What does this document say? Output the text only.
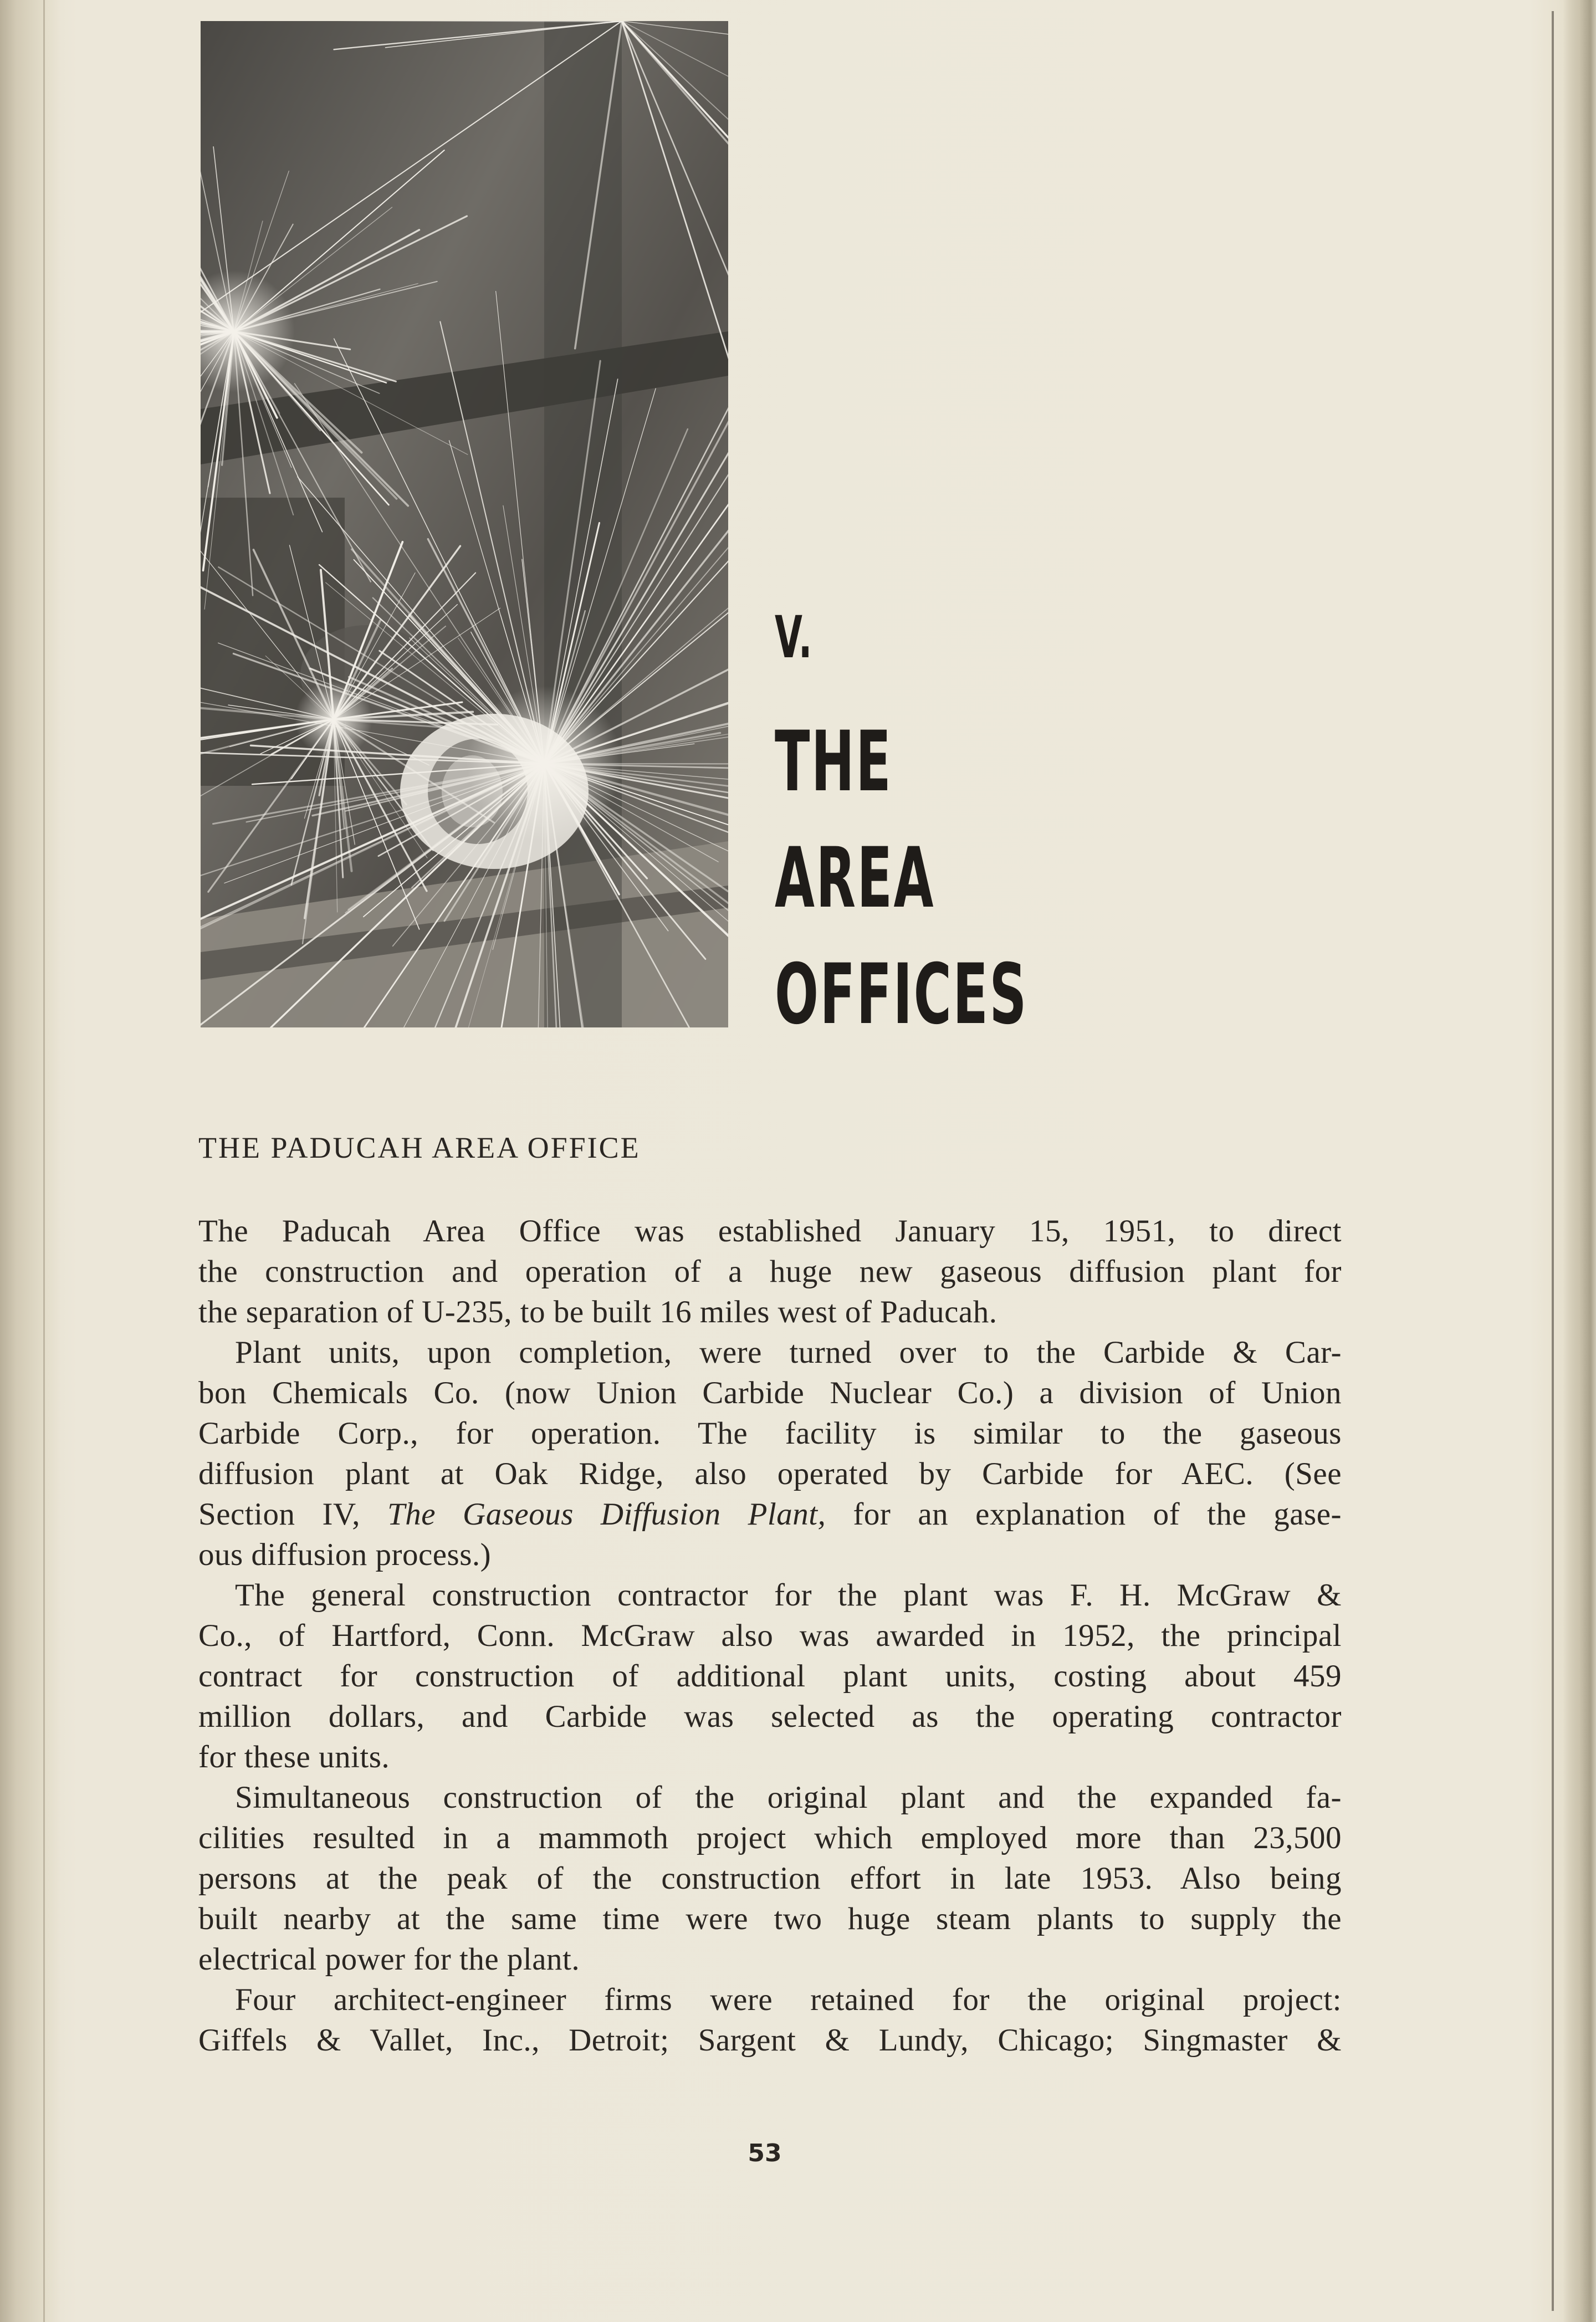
V.
THE
AREA
OFFICES
THE PADUCAH AREA OFFICE
The Paducah Area Office was established January 15, 1951, to direct
the construction and operation of a huge new gaseous diffusion plant for
the separation of U-235, to be built 16 miles west of Paducah.
Plant units, upon completion, were turned over to the Carbide & Car-
bon Chemicals Co. (now Union Carbide Nuclear Co.) a division of Union
Carbide Corp., for operation. The facility is similar to the gaseous
diffusion plant at Oak Ridge, also operated by Carbide for AEC. (See
Section IV, The Gaseous Diffusion Plant, for an explanation of the gase-
ous diffusion process.)
The general construction contractor for the plant was F. H. McGraw &
Co., of Hartford, Conn. McGraw also was awarded in 1952, the principal
contract for construction of additional plant units, costing about 459
million dollars, and Carbide was selected as the operating contractor
for these units.
Simultaneous construction of the original plant and the expanded fa-
cilities resulted in a mammoth project which employed more than 23,500
persons at the peak of the construction effort in late 1953. Also being
built nearby at the same time were two huge steam plants to supply the
electrical power for the plant.
Four architect-engineer firms were retained for the original project:
Giffels & Vallet, Inc., Detroit; Sargent & Lundy, Chicago; Singmaster &
53
